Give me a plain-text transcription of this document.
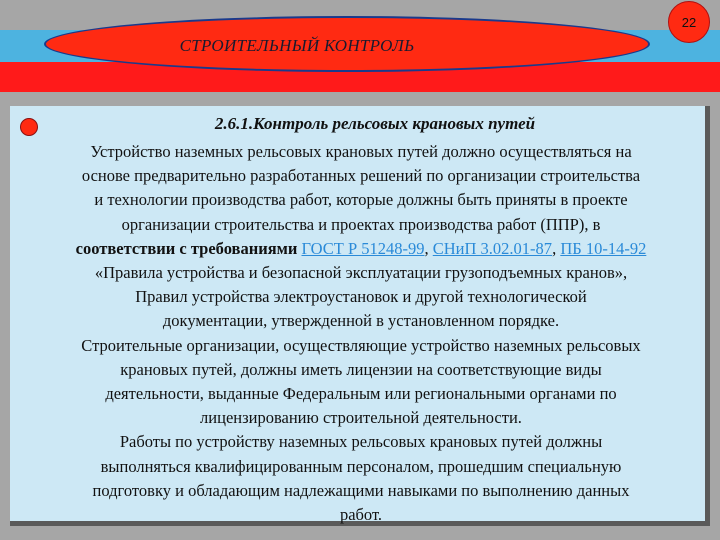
СТРОИТЕЛЬНЫЙ КОНТРОЛЬ
22
2.6.1.Контроль рельсовых крановых путей
Устройство наземных рельсовых крановых путей должно осуществляться на
основе предварительно разработанных решений по организации строительства
и технологии производства работ, которые должны быть приняты в проекте
организации строительства и проектах производства работ (ППР), в
соответствии с требованиями ГОСТ Р 51248-99, СНиП 3.02.01-87, ПБ 10-14-92
«Правила устройства и безопасной эксплуатации грузоподъемных кранов»,
Правил устройства электроустановок и другой технологической
документации, утвержденной в установленном порядке.
Строительные организации, осуществляющие устройство наземных рельсовых
крановых путей, должны иметь лицензии на соответствующие виды
деятельности, выданные Федеральным или региональными органами по
лицензированию строительной деятельности.
Работы по устройству наземных рельсовых крановых путей должны
выполняться квалифицированным персоналом, прошедшим специальную
подготовку и обладающим надлежащими навыками по выполнению данных
работ.
